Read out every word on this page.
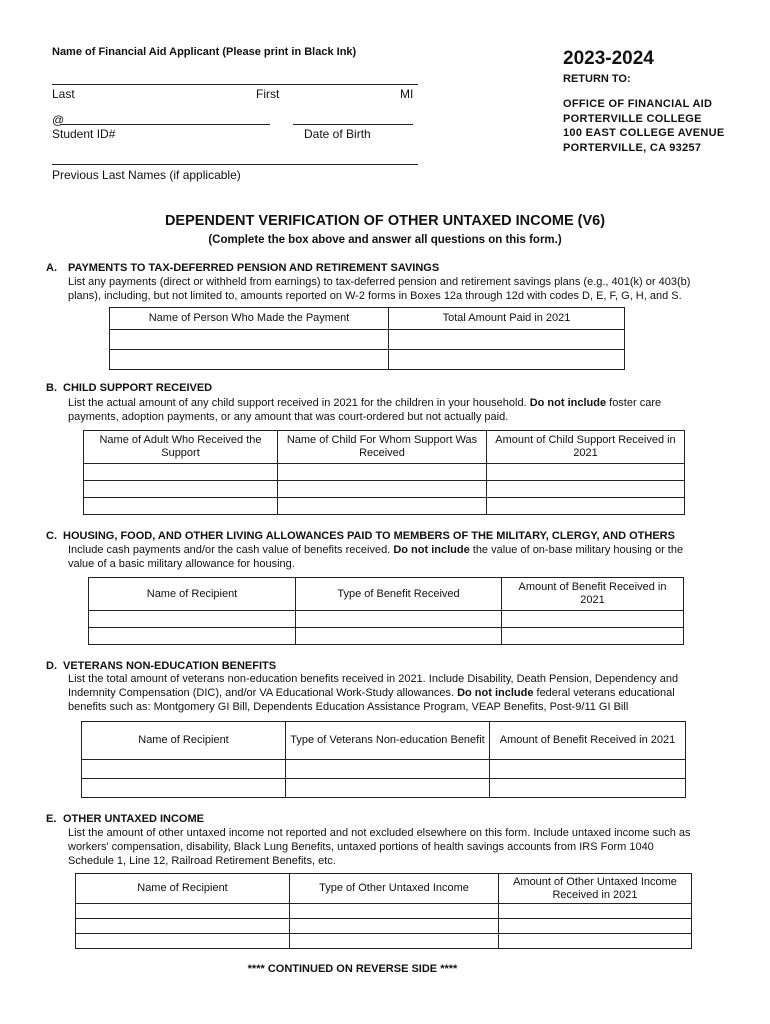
Name of Financial Aid Applicant (Please print in Black Ink)
Last	First	MI
@
Student ID#	Date of Birth
Previous Last Names (if applicable)
2023-2024
RETURN TO:
OFFICE OF FINANCIAL AID
PORTERVILLE COLLEGE
100 EAST COLLEGE AVENUE
PORTERVILLE, CA 93257
DEPENDENT VERIFICATION OF OTHER UNTAXED INCOME (V6)
(Complete the box above and answer all questions on this form.)
A. PAYMENTS TO TAX-DEFERRED PENSION AND RETIREMENT SAVINGS
List any payments (direct or withheld from earnings) to tax-deferred pension and retirement savings plans (e.g., 401(k) or 403(b)
plans), including, but not limited to, amounts reported on W-2 forms in Boxes 12a through 12d with codes D, E, F, G, H, and S.
Name of Person Who Made the Payment	Total Amount Paid in 2021

B. CHILD SUPPORT RECEIVED
List the actual amount of any child support received in 2021 for the children in your household. Do not include foster care
payments, adoption payments, or any amount that was court-ordered but not actually paid.
Name of Adult Who Received the Support	Name of Child For Whom Support Was Received	Amount of Child Support Received in 2021

C. HOUSING, FOOD, AND OTHER LIVING ALLOWANCES PAID TO MEMBERS OF THE MILITARY, CLERGY, AND OTHERS
Include cash payments and/or the cash value of benefits received. Do not include the value of on-base military housing or the
value of a basic military allowance for housing.
Name of Recipient	Type of Benefit Received	Amount of Benefit Received in 2021

D. VETERANS NON-EDUCATION BENEFITS
List the total amount of veterans non-education benefits received in 2021. Include Disability, Death Pension, Dependency and
Indemnity Compensation (DIC), and/or VA Educational Work-Study allowances. Do not include federal veterans educational
benefits such as: Montgomery GI Bill, Dependents Education Assistance Program, VEAP Benefits, Post-9/11 GI Bill
Name of Recipient	Type of Veterans Non-education Benefit	Amount of Benefit Received in 2021

E. OTHER UNTAXED INCOME
List the amount of other untaxed income not reported and not excluded elsewhere on this form. Include untaxed income such as
workers' compensation, disability, Black Lung Benefits, untaxed portions of health savings accounts from IRS Form 1040
Schedule 1, Line 12, Railroad Retirement Benefits, etc.
Name of Recipient	Type of Other Untaxed Income	Amount of Other Untaxed Income Received in 2021

**** CONTINUED ON REVERSE SIDE ****
